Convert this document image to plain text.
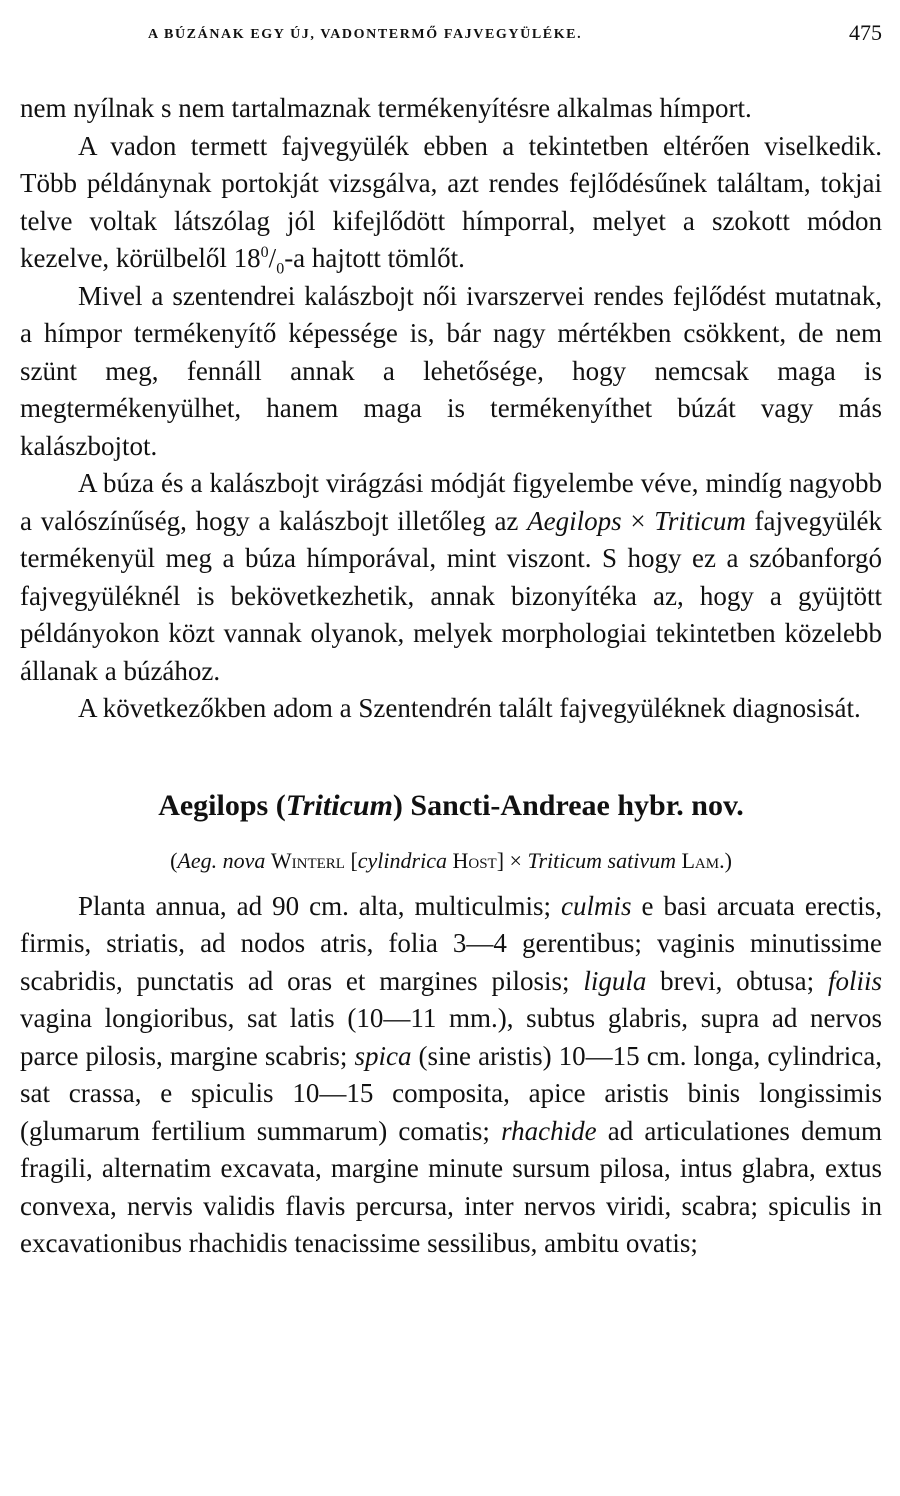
A BÚZÁNAK EGY ÚJ, VADONTERMŐ FAJVEGYÜLÉKE.	475

nem nyílnak s nem tartalmaznak termékenyítésre alkalmas hímport.

A vadon termett fajvegyülék ebben a tekintetben eltérően viselkedik. Több példánynak portokját vizsgálva, azt rendes fejlődésűnek találtam, tokjai telve voltak látszólag jól kifejlődött hímporral, melyet a szokott módon kezelve, körülbelől $18^0/_0-a$ hajtott tömlőt.

Mivel a szentendrei kalászbojt női ivarszervei rendes fejlődést mutatnak, a hímpor termékenyítő képessége is, bár nagy mértékben csökkent, de nem szünt meg, fennáll annak a lehetősége, hogy nemcsak maga is megtermékenyülhet, hanem maga is termékenyíthet búzát vagy más kalászbojtot.

A búza és a kalászbojt virágzási módját figyelembe véve, mindíg nagyobb a valószínűség, hogy a kalászbojt illetőleg az Aegilops × Triticum fajvegyülék termékenyül meg a búza hímporával, mint viszont. S hogy ez a szóbanforgó fajvegyüléknél is bekövetkezhetik, annak bizonyítéka az, hogy a gyüjtött példányokon közt vannak olyanok, melyek morphologiai tekintetben közelebb állanak a búzához.

A következőkben adom a Szentendrén talált fajvegyüléknek diagnosisát.

Aegilops (Triticum) Sancti-Andreae hybr. nov.
(Aeg. nova Winterl [cylindrica Host] × Triticum sativum Lam.)

Planta annua, ad 90 cm. alta, multiculmis; culmis e basi arcuata erectis, firmis, striatis, ad nodos atris, folia 3—4 gerentibus; vaginis minutissime scabridis, punctatis ad oras et margines pilosis; ligula brevi, obtusa; foliis vagina longioribus, sat latis (10—11 mm.), subtus glabris, supra ad nervos parce pilosis, margine scabris; spica (sine aristis) 10—15 cm. longa, cylindrica, sat crassa, e spiculis 10—15 composita, apice aristis binis longissimis (glumarum fertilium summarum) comatis; rhachide ad articulationes demum fragili, alternatim excavata, margine minute sursum pilosa, intus glabra, extus convexa, nervis validis flavis percursa, inter nervos viridi, scabra; spiculis in excavationibus rhachidis tenacissime sessilibus, ambitu ovatis;
